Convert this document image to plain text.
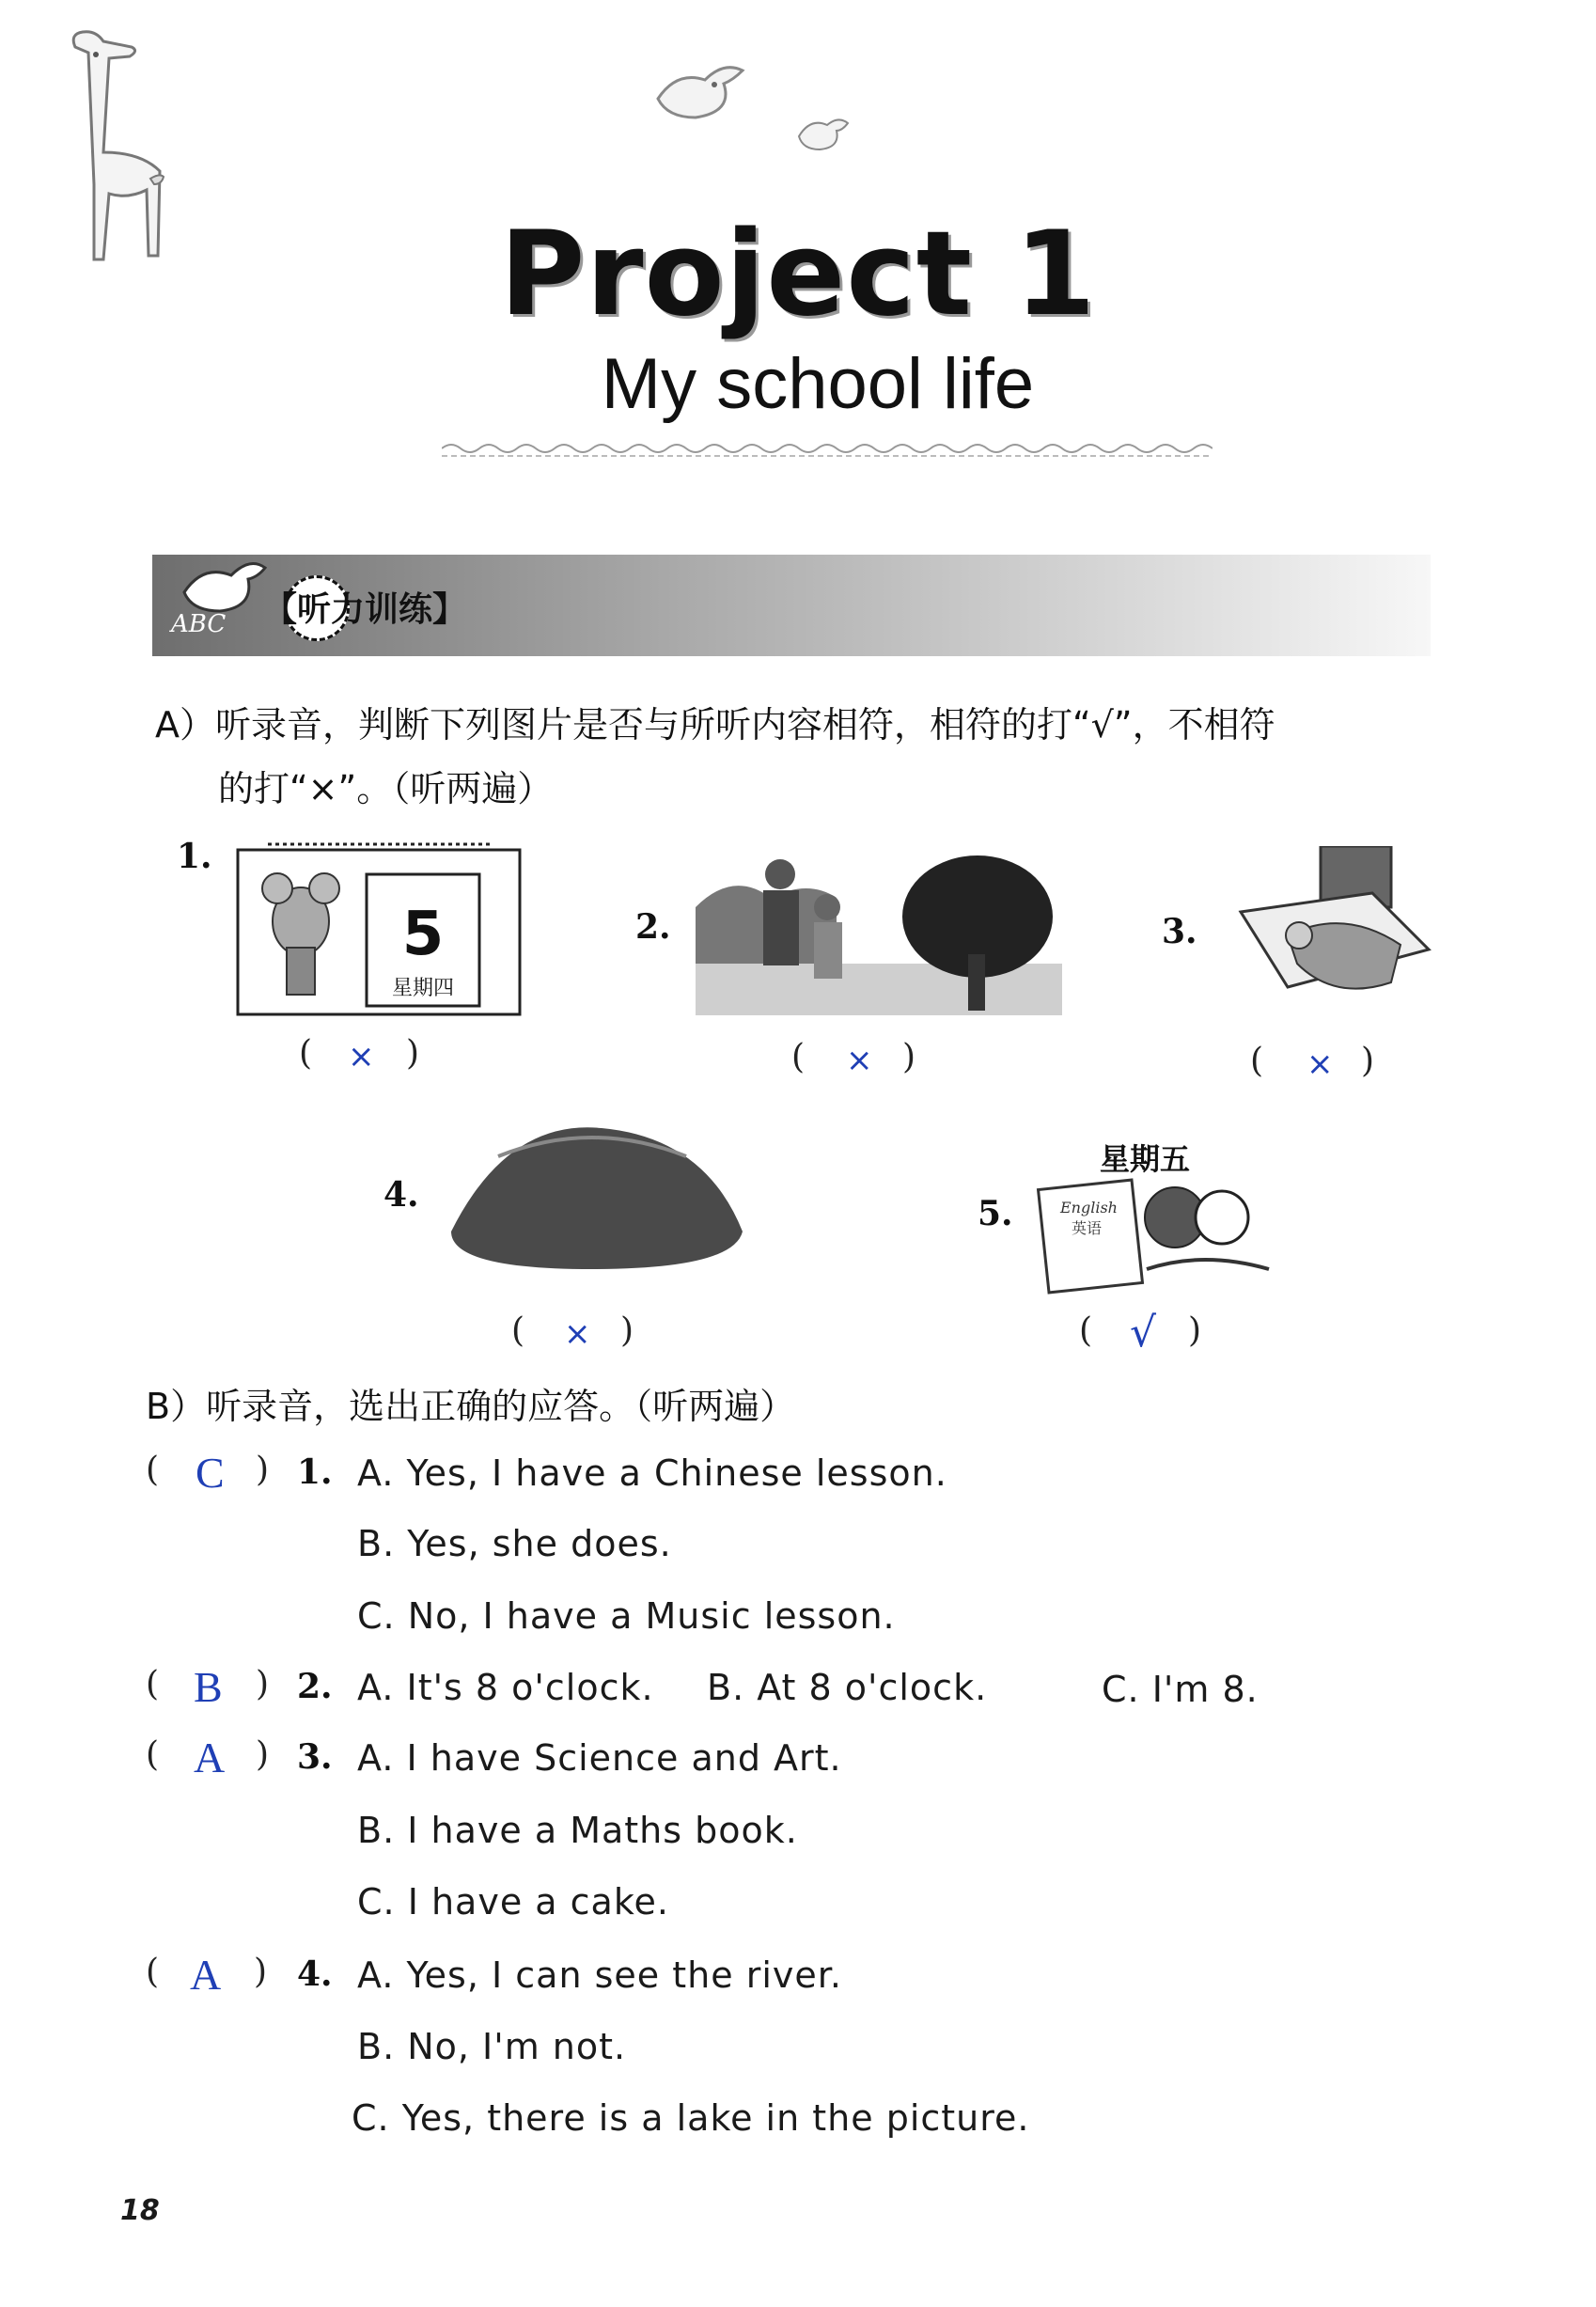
Project 1
My school life
ABC 【听力训练】
A）听录音，判断下列图片是否与所听内容相符，相符的打“√”，不相符
的打“×”。（听两遍）
1.
5
星期四
( × )
2.
( × )
3.
( × )
4.
( × )
星期五
5.	English
英语
( √ )
B）听录音，选出正确的应答。（听两遍）
( C ) 1. A. Yes, I have a Chinese lesson.
B. Yes, she does.
C. No, I have a Music lesson.
( B ) 2. A. It's 8 o'clock. B. At 8 o'clock.	C. I'm 8.
( A ) 3. A. I have Science and Art.
B. I have a Maths book.
C. I have a cake.
( A ) 4. A. Yes, I can see the river.
B. No, I'm not.
C. Yes, there is a lake in the picture.
18
